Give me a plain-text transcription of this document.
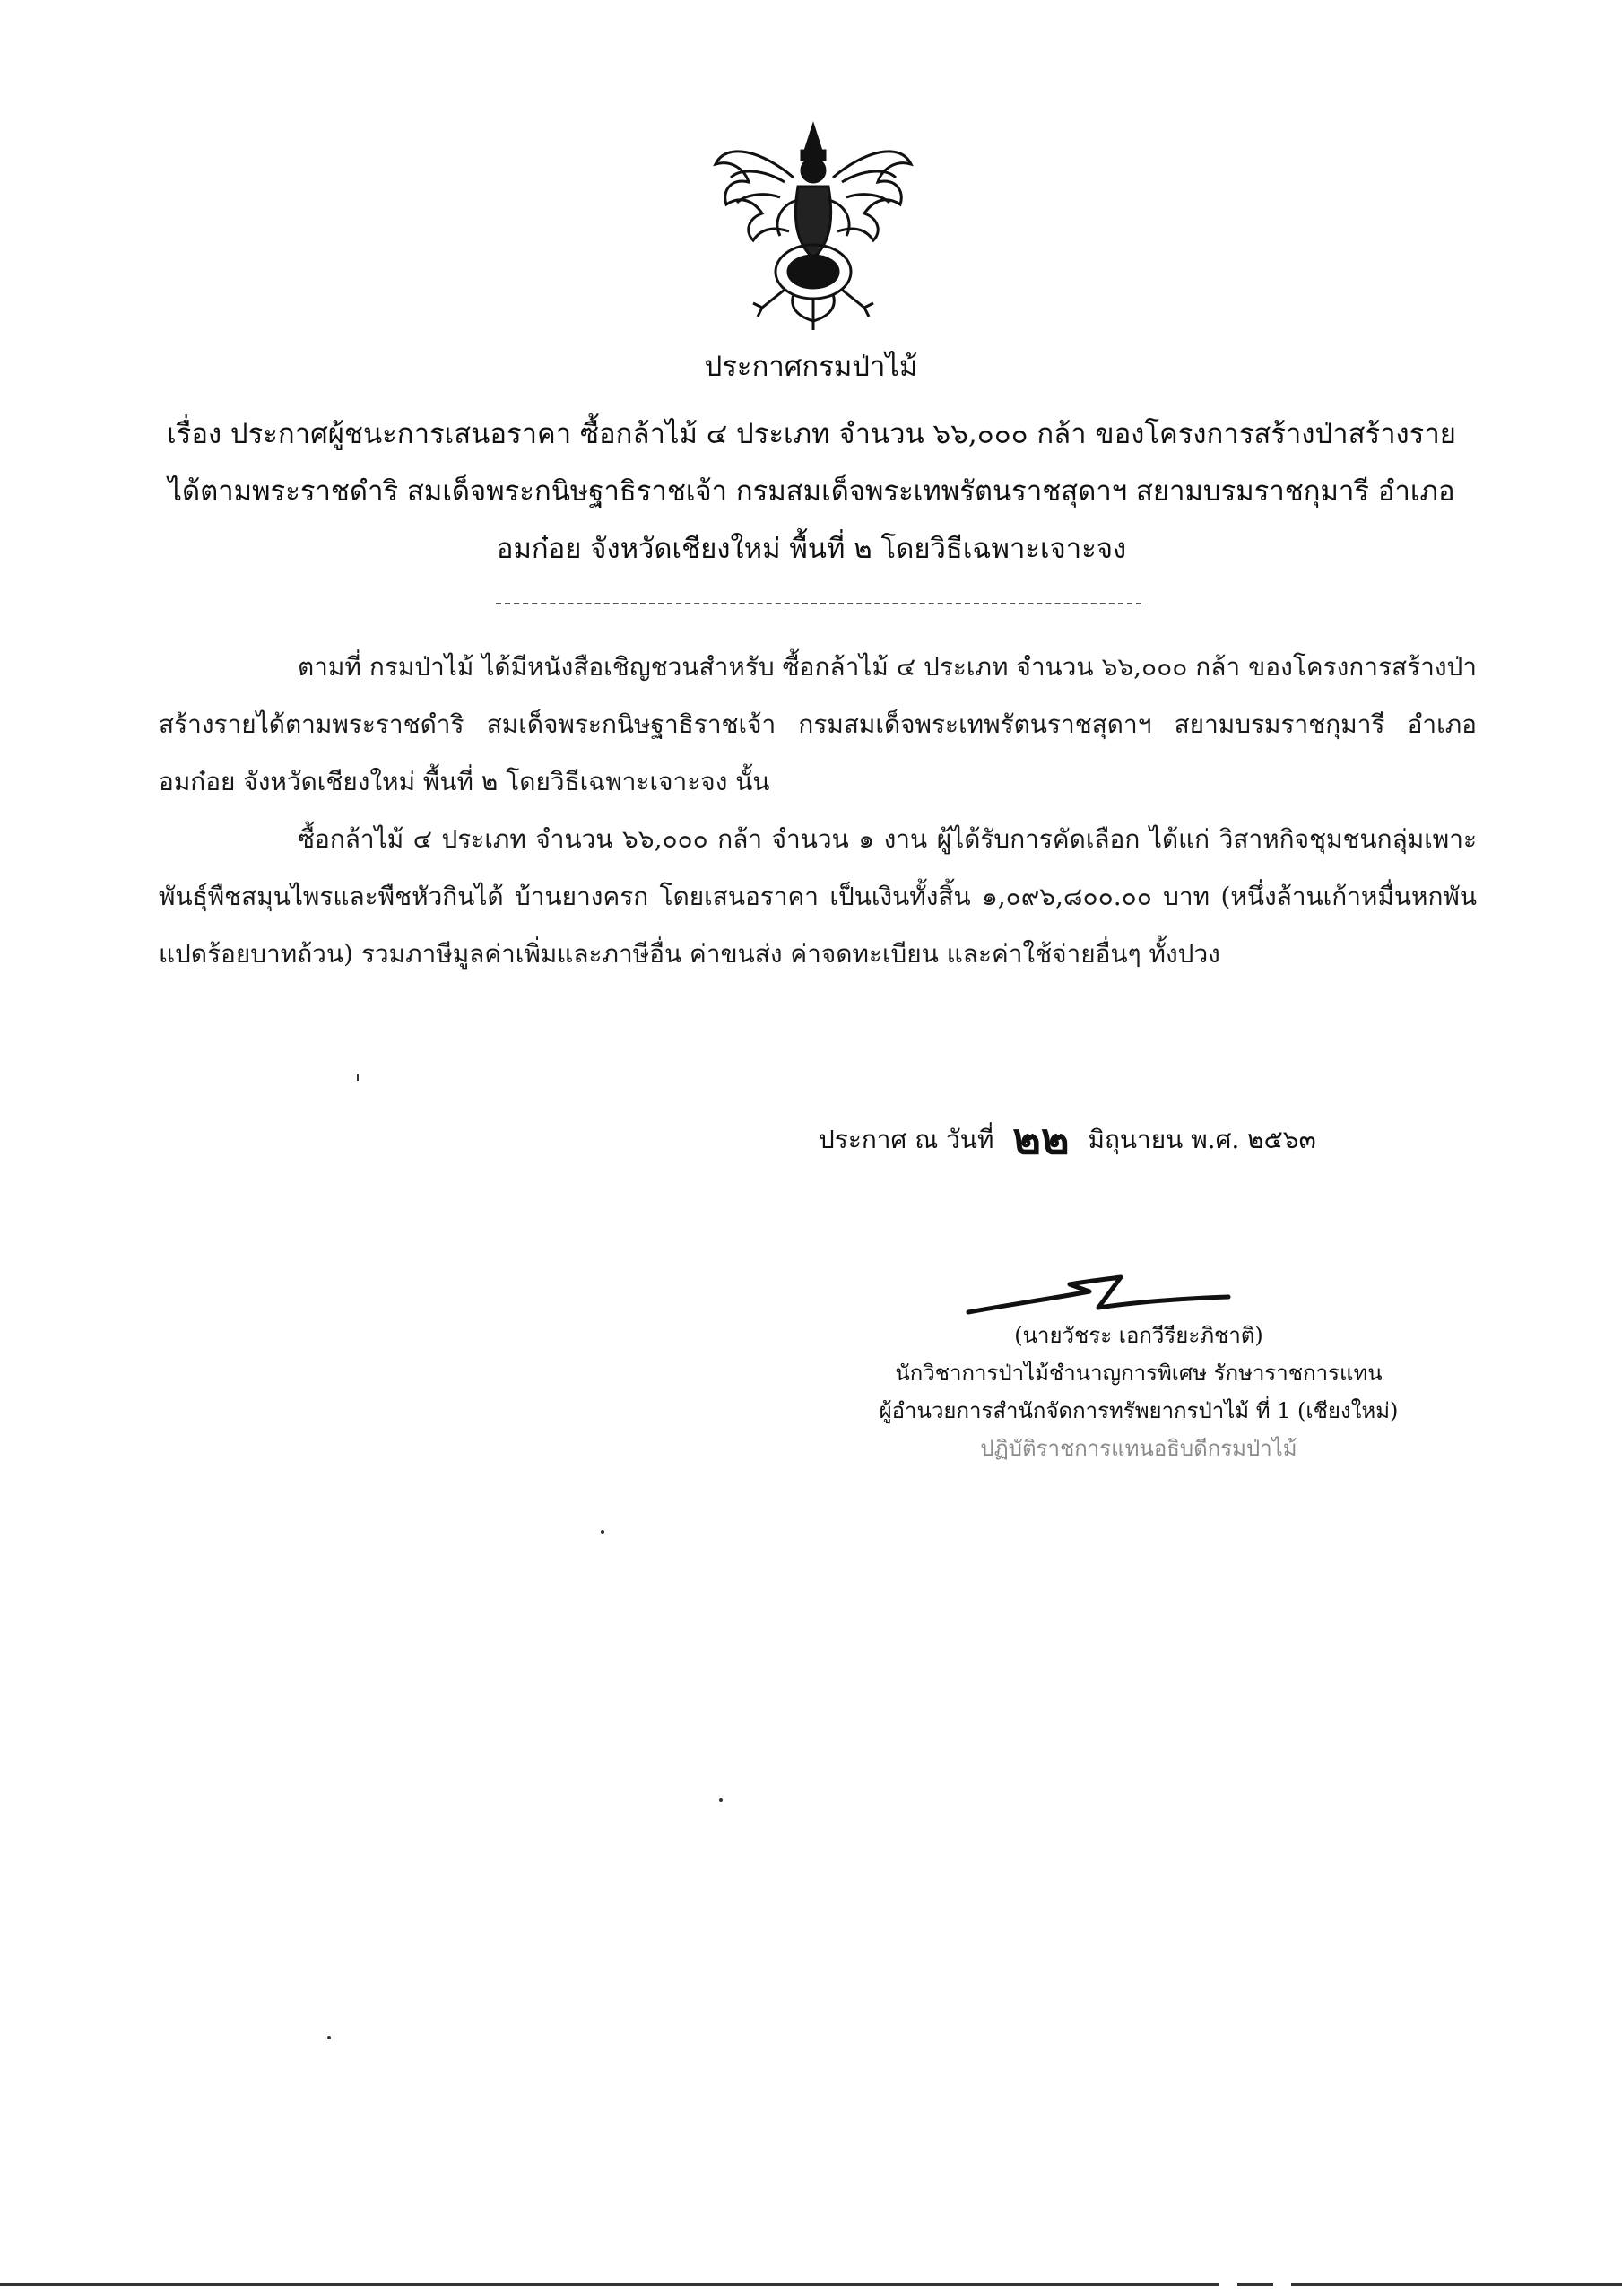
ประกาศกรมป่าไม้
เรื่อง ประกาศผู้ชนะการเสนอราคา ซื้อกล้าไม้ ๔ ประเภท จำนวน ๖๖,๐๐๐ กล้า ของโครงการสร้างป่าสร้างราย
ได้ตามพระราชดำริ สมเด็จพระกนิษฐาธิราชเจ้า กรมสมเด็จพระเทพรัตนราชสุดาฯ สยามบรมราชกุมารี อำเภอ
อมก๋อย จังหวัดเชียงใหม่ พื้นที่ ๒ โดยวิธีเฉพาะเจาะจง

ตามที่ กรมป่าไม้ ได้มีหนังสือเชิญชวนสำหรับ ซื้อกล้าไม้ ๔ ประเภท จำนวน ๖๖,๐๐๐ กล้า ของโครงการสร้างป่าสร้างรายได้ตามพระราชดำริ สมเด็จพระกนิษฐาธิราชเจ้า กรมสมเด็จพระเทพรัตนราชสุดาฯ สยามบรมราชกุมารี อำเภออมก๋อย จังหวัดเชียงใหม่ พื้นที่ ๒ โดยวิธีเฉพาะเจาะจง นั้น

ซื้อกล้าไม้ ๔ ประเภท จำนวน ๖๖,๐๐๐ กล้า จำนวน ๑ งาน ผู้ได้รับการคัดเลือก ได้แก่ วิสาหกิจชุมชนกลุ่มเพาะพันธุ์พืชสมุนไพรและพืชหัวกินได้ บ้านยางครก โดยเสนอราคา เป็นเงินทั้งสิ้น ๑,๐๙๖,๘๐๐.๐๐ บาท (หนึ่งล้านเก้าหมื่นหกพันแปดร้อยบาทถ้วน) รวมภาษีมูลค่าเพิ่มและภาษีอื่น ค่าขนส่ง ค่าจดทะเบียน และค่าใช้จ่ายอื่นๆ ทั้งปวง

ประกาศ ณ วันที่ ๒๒ มิถุนายน พ.ศ. ๒๕๖๓
(นายวัชระ เอกวีรียะภิชาติ)
นักวิชาการป่าไม้ชำนาญการพิเศษ รักษาราชการแทน
ผู้อำนวยการสำนักจัดการทรัพยากรป่าไม้ ที่ 1 (เชียงใหม่)
ปฏิบัติราชการแทนอธิบดีกรมป่าไม้
